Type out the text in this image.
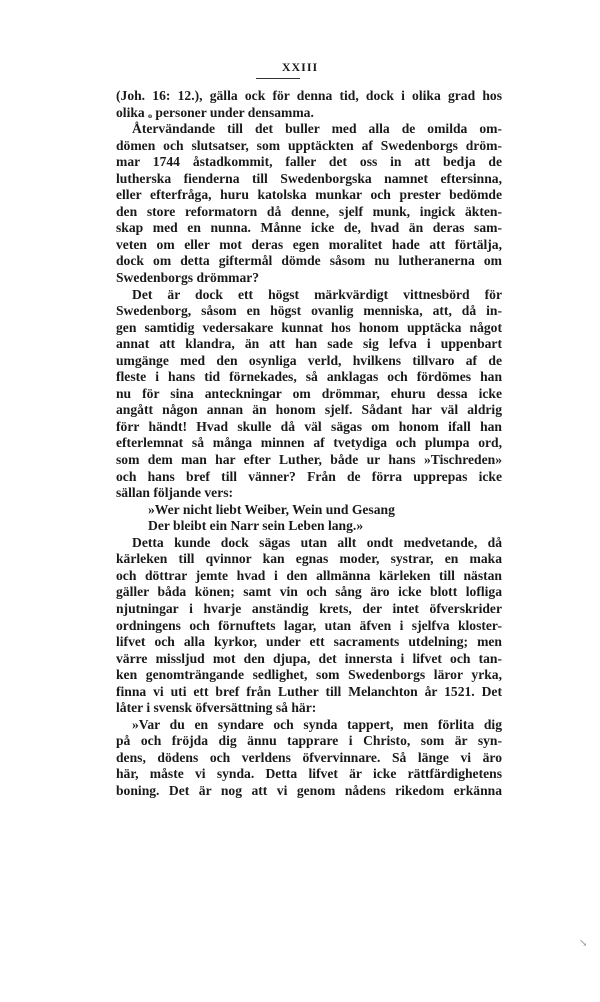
XXIII
(Joh. 16: 12.), gälla ock för denna tid, dock i olika grad hos
olika ₒ personer under densamma.
Återvändande till det buller med alla de omilda om-
dömen och slutsatser, som upptäckten af Swedenborgs dröm-
mar 1744 åstadkommit, faller det oss in att bedja de
lutherska fienderna till Swedenborgska namnet eftersinna,
eller efterfråga, huru katolska munkar och prester bedömde
den store reformatorn då denne, sjelf munk, ingick äkten-
skap med en nunna. Månne icke de, hvad än deras sam-
veten om eller mot deras egen moralitet hade att förtälja,
dock om detta giftermål dömde såsom nu lutheranerna om
Swedenborgs drömmar?
Det är dock ett högst märkvärdigt vittnesbörd för
Swedenborg, såsom en högst ovanlig menniska, att, då in-
gen samtidig vedersakare kunnat hos honom upptäcka något
annat att klandra, än att han sade sig lefva i uppenbart
umgänge med den osynliga verld, hvilkens tillvaro af de
fleste i hans tid förnekades, så anklagas och fördömes han
nu för sina anteckningar om drömmar, ehuru dessa icke
angått någon annan än honom sjelf. Sådant har väl aldrig
förr händt! Hvad skulle då väl sägas om honom ifall han
efterlemnat så många minnen af tvetydiga och plumpa ord,
som dem man har efter Luther, både ur hans »Tischreden»
och hans bref till vänner? Från de förra upprepas icke
sällan följande vers:
»Wer nicht liebt Weiber, Wein und Gesang
Der bleibt ein Narr sein Leben lang.»
Detta kunde dock sägas utan allt ondt medvetande, då
kärleken till qvinnor kan egnas moder, systrar, en maka
och döttrar jemte hvad i den allmänna kärleken till nästan
gäller båda könen; samt vin och sång äro icke blott lofliga
njutningar i hvarje anständig krets, der intet öfverskrider
ordningens och förnuftets lagar, utan äfven i sjelfva kloster-
lifvet och alla kyrkor, under ett sacraments utdelning; men
värre missljud mot den djupa, det innersta i lifvet och tan-
ken genomträngande sedlighet, som Swedenborgs läror yrka,
finna vi uti ett bref från Luther till Melanchton år 1521. Det
låter i svensk öfversättning så här:
»Var du en syndare och synda tappert, men förlita dig
på och fröjda dig ännu tapprare i Christo, som är syn-
dens, dödens och verldens öfvervinnare. Så länge vi äro
här, måste vi synda. Detta lifvet är icke rättfärdighetens
boning. Det är nog att vi genom nådens rikedom erkänna
↘
